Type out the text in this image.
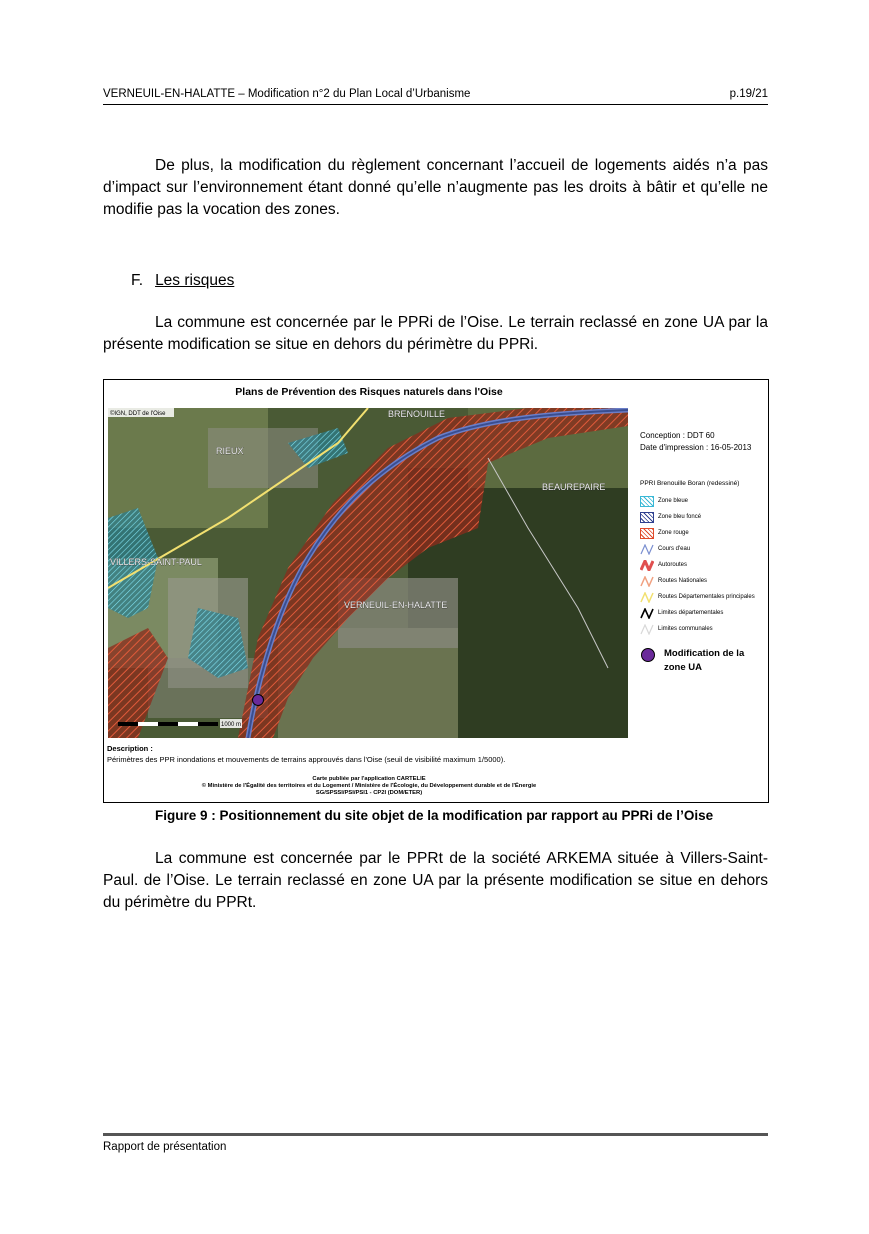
VERNEUIL-EN-HALATTE – Modification n°2 du Plan Local d’Urbanisme	p.19/21

De plus, la modification du règlement concernant l’accueil de logements aidés n’a pas d’impact sur l’environnement étant donné qu’elle n’augmente pas les droits à bâtir et qu’elle ne modifie pas la vocation des zones.

F. Les risques

La commune est concernée par le PPRi de l’Oise. Le terrain reclassé en zone UA par la présente modification se situe en dehors du périmètre du PPRi.

Plans de Prévention des Risques naturels dans l'Oise
BRENOUILLE
RIEUX
BEAUREPAIRE
VILLERS-SAINT-PAUL
VERNEUIL-EN-HALATTE
©IGN, DDT de l'Oise
1000 m
Conception : DDT 60
Date d'impression : 16-05-2013
PPRI Brenouille Boran (redessiné)
Zone bleue
Zone bleu foncé
Zone rouge
Cours d'eau
Autoroutes
Routes Nationales
Routes Départementales principales
Limites départementales
Limites communales
Modification de la zone UA
Description :
Périmètres des PPR inondations et mouvements de terrains approuvés dans l'Oise (seuil de visibilité maximum 1/5000).
Carte publiée par l'application CARTELIE
© Ministère de l'Égalité des territoires et du Logement / Ministère de l'Écologie, du Développement durable et de l'Énergie
SG/SPSSI/PSI/PSI1 - CP2I (DOM/ETER)
Figure 9 : Positionnement du site objet de la modification par rapport au PPRi de l’Oise

La commune est concernée par le PPRt de la société ARKEMA située à Villers-Saint-Paul. de l’Oise. Le terrain reclassé en zone UA par la présente modification se situe en dehors du périmètre du PPRt.

Rapport de présentation
